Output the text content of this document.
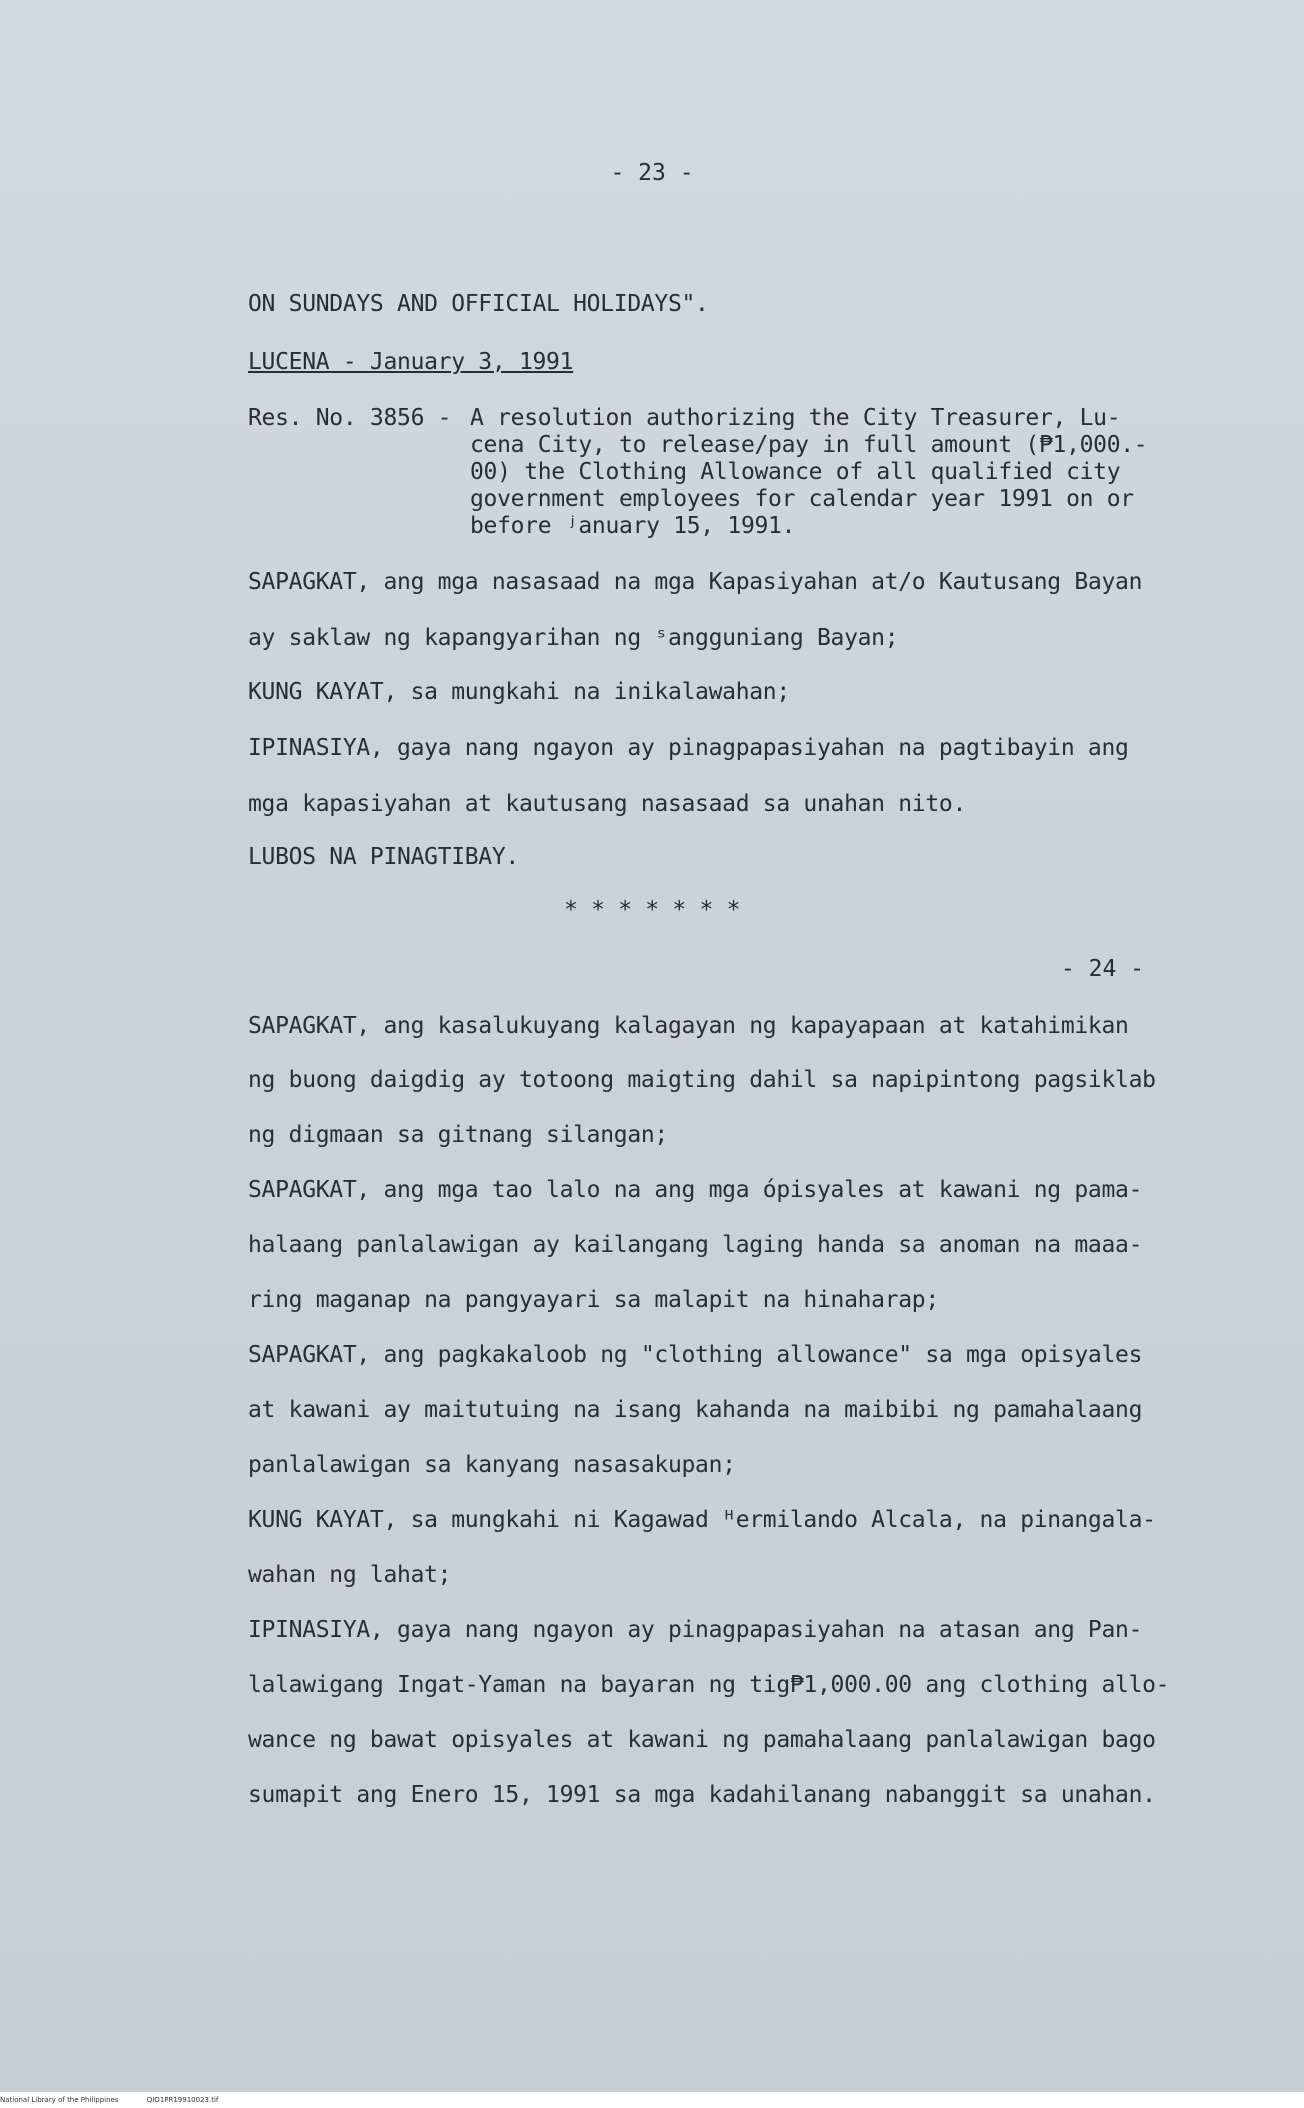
- 23 -
ON SUNDAYS AND OFFICIAL HOLIDAYS".
LUCENA - January 3, 1991
Res. No. 3856 - A resolution authorizing the City Treasurer, Lu-
cena City, to release/pay in full amount (₱1,000.-
00) the Clothing Allowance of all qualified city
government employees for calendar year 1991 on or
before ʲanuary 15, 1991.
SAPAGKAT, ang mga nasasaad na mga Kapasiyahan at/o Kautusang Bayan
ay saklaw ng kapangyarihan ng ˢangguniang Bayan;
KUNG KAYAT, sa mungkahi na inikalawahan;
IPINASIYA, gaya nang ngayon ay pinagpapasiyahan na pagtibayin ang
mga kapasiyahan at kautusang nasasaad sa unahan nito.
LUBOS NA PINAGTIBAY.
* * * * * * *
- 24 -
SAPAGKAT, ang kasalukuyang kalagayan ng kapayapaan at katahimikan
ng buong daigdig ay totoong maigting dahil sa napipintong pagsiklab
ng digmaan sa gitnang silangan;
SAPAGKAT, ang mga tao lalo na ang mga ópisyales at kawani ng pama-
halaang panlalawigan ay kailangang laging handa sa anoman na maaa-
ring maganap na pangyayari sa malapit na hinaharap;
SAPAGKAT, ang pagkakaloob ng "clothing allowance" sa mga opisyales
at kawani ay maitutuing na isang kahanda na maibibi ng pamahalaang
panlalawigan sa kanyang nasasakupan;
KUNG KAYAT, sa mungkahi ni Kagawad ᴴermilando Alcala, na pinangala-
wahan ng lahat;
IPINASIYA, gaya nang ngayon ay pinagpapasiyahan na atasan ang Pan-
lalawigang Ingat-Yaman na bayaran ng tig₱1,000.00 ang clothing allo-
wance ng bawat opisyales at kawani ng pamahalaang panlalawigan bago
sumapit ang Enero 15, 1991 sa mga kadahilanang nabanggit sa unahan.
National Library of the Philippines	QIO1PR19910023.tif
